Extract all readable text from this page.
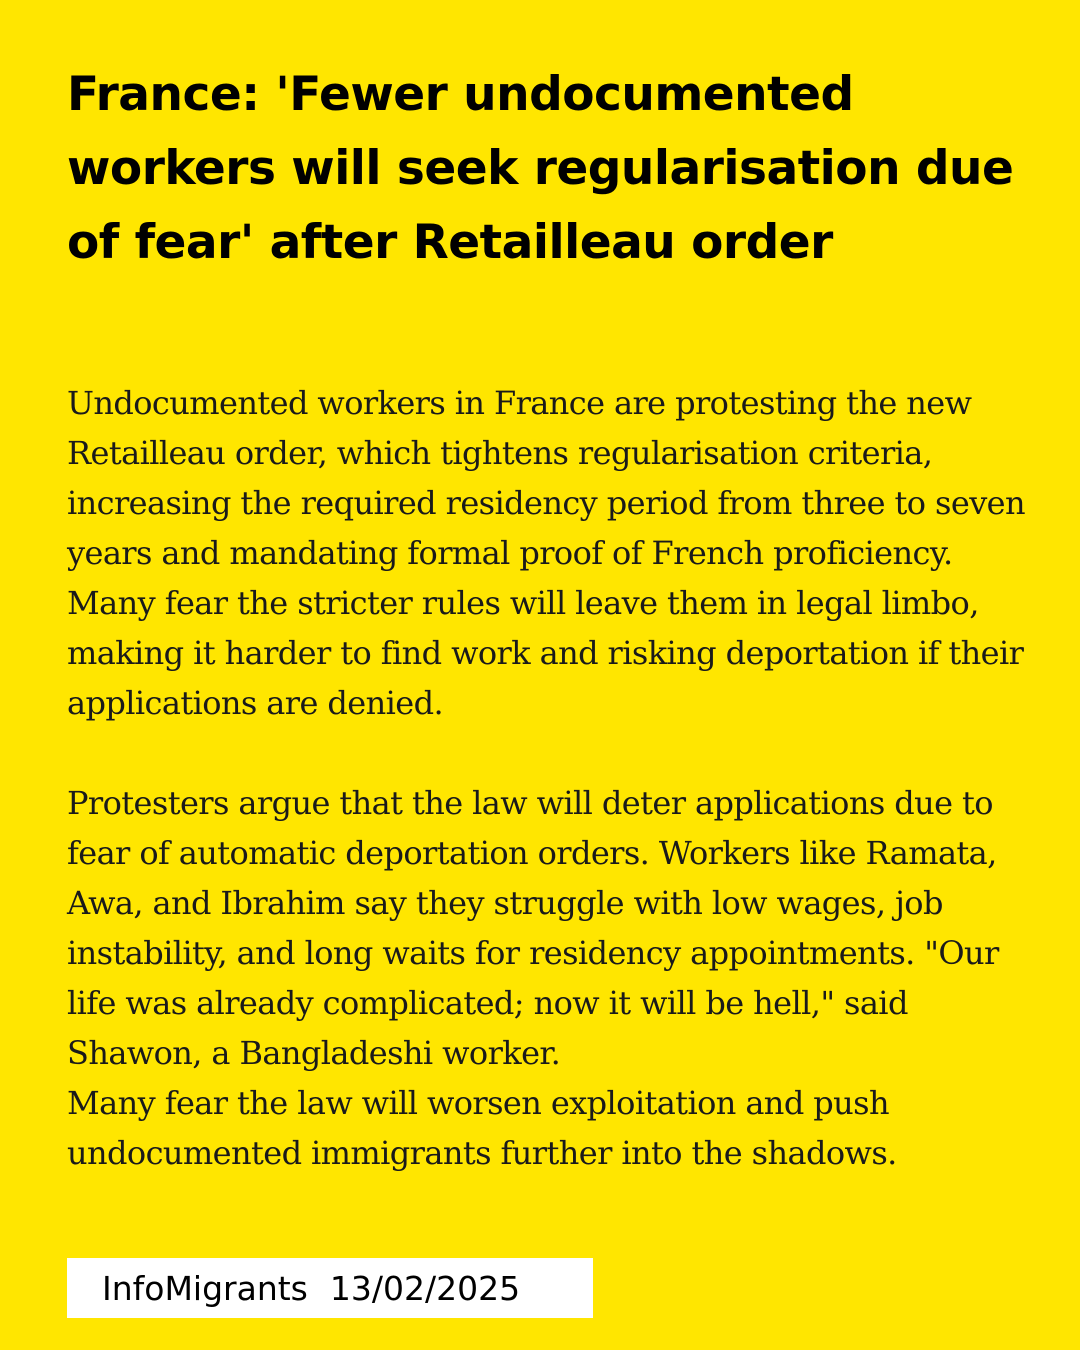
France: 'Fewer undocumented workers will seek regularisation due of fear' after Retailleau order

Undocumented workers in France are protesting the new Retailleau order, which tightens regularisation criteria, increasing the required residency period from three to seven years and mandating formal proof of French proficiency. Many fear the stricter rules will leave them in legal limbo, making it harder to find work and risking deportation if their applications are denied.

Protesters argue that the law will deter applications due to fear of automatic deportation orders. Workers like Ramata, Awa, and Ibrahim say they struggle with low wages, job instability, and long waits for residency appointments. "Our life was already complicated; now it will be hell," said Shawon, a Bangladeshi worker.

Many fear the law will worsen exploitation and push undocumented immigrants further into the shadows.

InfoMigrants 13/02/2025
